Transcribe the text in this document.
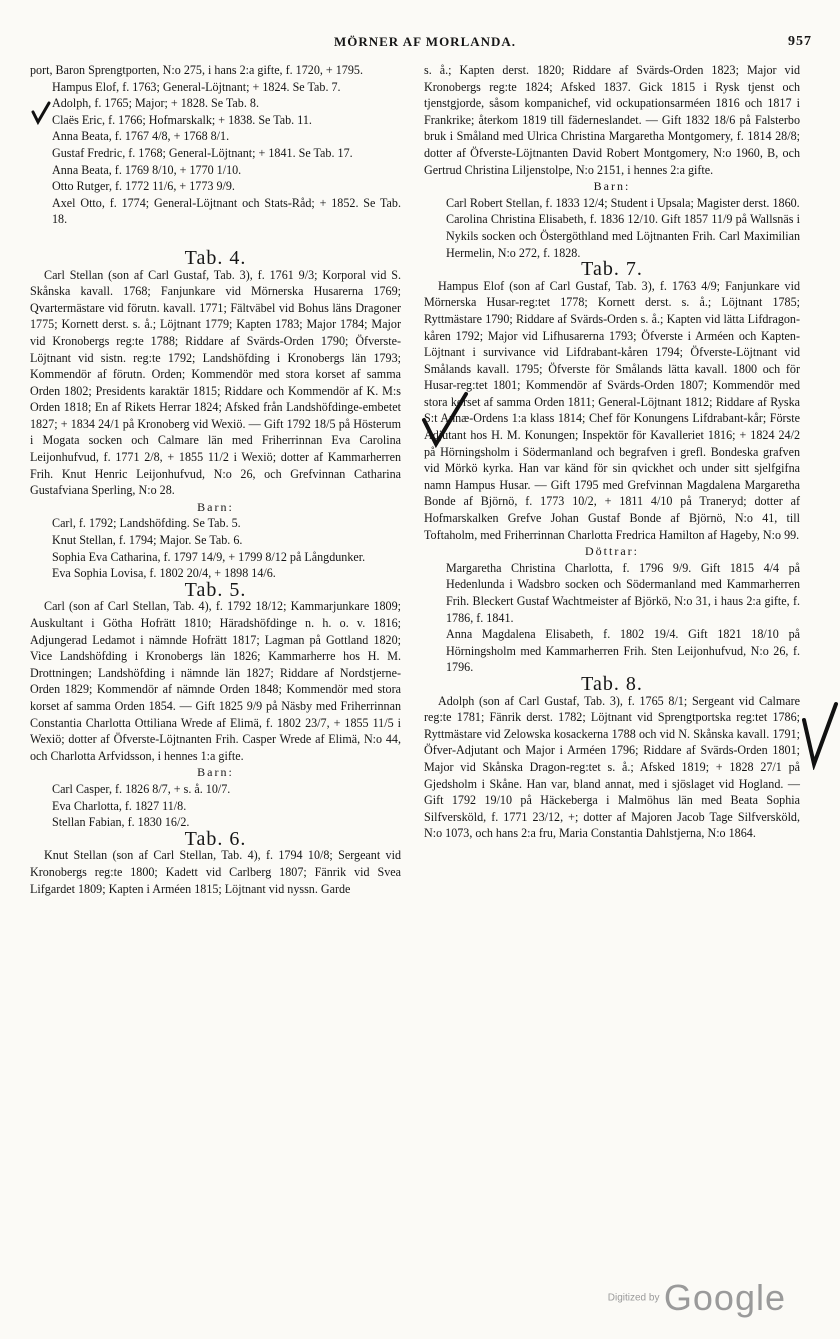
MÖRNER AF MORLANDA.	957

port, Baron Sprengtporten, N:o 275, i hans 2:a gifte, f. 1720, + 1795.

Hampus Elof, f. 1763; General-Löjtnant; + 1824. Se Tab. 7.

Adolph, f. 1765; Major; + 1828. Se Tab. 8.

Claës Eric, f. 1766; Hofmarskalk; + 1838. Se Tab. 11.

Anna Beata, f. 1767 4/8, + 1768 8/1.

Gustaf Fredric, f. 1768; General-Löjtnant; + 1841. Se Tab. 17.

Anna Beata, f. 1769 8/10, + 1770 1/10.

Otto Rutger, f. 1772 11/6, + 1773 9/9.

Axel Otto, f. 1774; General-Löjtnant och Stats-Råd; + 1852. Se Tab. 18.

Tab. 4.

Carl Stellan (son af Carl Gustaf, Tab. 3), f. 1761 9/3; Korporal vid S. Skånska kavall. 1768; Fanjunkare vid Mörnerska Husarerna 1769; Qvartermästare vid förutn. kavall. 1771; Fältväbel vid Bohus läns Dragoner 1775; Kornett derst. s. å.; Löjtnant 1779; Kapten 1783; Major 1784; Major vid Kronobergs reg:te 1788; Riddare af Svärds-Orden 1790; Öfverste-Löjtnant vid sistn. reg:te 1792; Landshöfding i Kronobergs län 1793; Kommendör af förutn. Orden; Kommendör med stora korset af samma Orden 1802; Presidents karaktär 1815; Riddare och Kommendör af K. M:s Orden 1818; En af Rikets Herrar 1824; Afsked från Landshöfdinge-embetet 1827; + 1834 24/1 på Kronoberg vid Wexiö. — Gift 1792 18/5 på Hösterum i Mogata socken och Calmare län med Friherrinnan Eva Carolina Leijonhufvud, f. 1771 2/8, + 1855 11/2 i Wexiö; dotter af Kammarherren Frih. Knut Henric Leijonhufvud, N:o 26, och Grefvinnan Catharina Gustafviana Sperling, N:o 28.

Barn:

Carl, f. 1792; Landshöfding. Se Tab. 5.

Knut Stellan, f. 1794; Major. Se Tab. 6.

Sophia Eva Catharina, f. 1797 14/9, + 1799 8/12 på Långdunker.

Eva Sophia Lovisa, f. 1802 20/4, + 1898 14/6.

Tab. 5.

Carl (son af Carl Stellan, Tab. 4), f. 1792 18/12; Kammarjunkare 1809; Auskultant i Götha Hofrätt 1810; Häradshöfdinge n. h. o. v. 1816; Adjungerad Ledamot i nämnde Hofrätt 1817; Lagman på Gottland 1820; Vice Landshöfding i Kronobergs län 1826; Kammarherre hos H. M. Drottningen; Landshöfding i nämnde län 1827; Riddare af Nordstjerne-Orden 1829; Kommendör af nämnde Orden 1848; Kommendör med stora korset af samma Orden 1854. — Gift 1825 9/9 på Näsby med Friherrinnan Constantia Charlotta Ottiliana Wrede af Elimä, f. 1802 23/7, + 1855 11/5 i Wexiö; dotter af Öfverste-Löjtnanten Frih. Casper Wrede af Elimä, N:o 44, och Charlotta Arfvidsson, i hennes 1:a gifte.

Barn:

Carl Casper, f. 1826 8/7, + s. å. 10/7.

Eva Charlotta, f. 1827 11/8.

Stellan Fabian, f. 1830 16/2.

Tab. 6.

Knut Stellan (son af Carl Stellan, Tab. 4), f. 1794 10/8; Sergeant vid Kronobergs reg:te 1800; Kadett vid Carlberg 1807; Fänrik vid Svea Lifgardet 1809; Kapten i Arméen 1815; Löjtnant vid nyssn. Garde

s. å.; Kapten derst. 1820; Riddare af Svärds-Orden 1823; Major vid Kronobergs reg:te 1824; Afsked 1837. Gick 1815 i Rysk tjenst och tjenstgjorde, såsom kompanichef, vid ockupationsarméen 1816 och 1817 i Frankrike; återkom 1819 till fäderneslandet. — Gift 1832 18/6 på Falsterbo bruk i Småland med Ulrica Christina Margaretha Montgomery, f. 1814 28/8; dotter af Öfverste-Löjtnanten David Robert Montgomery, N:o 1960, B, och Gertrud Christina Liljenstolpe, N:o 2151, i hennes 2:a gifte.

Barn:

Carl Robert Stellan, f. 1833 12/4; Student i Upsala; Magister derst. 1860.

Carolina Christina Elisabeth, f. 1836 12/10. Gift 1857 11/9 på Wallsnäs i Nykils socken och Östergöthland med Löjtnanten Frih. Carl Maximilian Hermelin, N:o 272, f. 1828.

Tab. 7.

Hampus Elof (son af Carl Gustaf, Tab. 3), f. 1763 4/9; Fanjunkare vid Mörnerska Husar-reg:tet 1778; Kornett derst. s. å.; Löjtnant 1785; Ryttmästare 1790; Riddare af Svärds-Orden s. å.; Kapten vid lätta Lifdragon-kåren 1792; Major vid Lifhusarerna 1793; Öfverste i Arméen och Kapten-Löjtnant i survivance vid Lifdrabant-kåren 1794; Öfverste-Löjtnant vid Smålands kavall. 1795; Öfverste för Smålands lätta kavall. 1800 och för Husar-reg:tet 1801; Kommendör af Svärds-Orden 1807; Kommendör med stora korset af samma Orden 1811; General-Löjtnant 1812; Riddare af Ryska S:t Annæ-Ordens 1:a klass 1814; Chef för Konungens Lifdrabant-kår; Förste Adjutant hos H. M. Konungen; Inspektör för Kavalleriet 1816; + 1824 24/2 på Hörningsholm i Södermanland och begrafven i grefl. Bondeska grafven vid Mörkö kyrka. Han var känd för sin qvickhet och under sitt sjelfgifna namn Hampus Husar. — Gift 1795 med Grefvinnan Magdalena Margaretha Bonde af Björnö, f. 1773 10/2, + 1811 4/10 på Traneryd; dotter af Hofmarskalken Grefve Johan Gustaf Bonde af Björnö, N:o 41, till Toftaholm, med Friherrinnan Charlotta Fredrica Hamilton af Hageby, N:o 99.

Döttrar:

Margaretha Christina Charlotta, f. 1796 9/9. Gift 1815 4/4 på Hedenlunda i Wadsbro socken och Södermanland med Kammarherren Frih. Bleckert Gustaf Wachtmeister af Björkö, N:o 31, i haus 2:a gifte, f. 1786, f. 1841.

Anna Magdalena Elisabeth, f. 1802 19/4. Gift 1821 18/10 på Hörningsholm med Kammarherren Frih. Sten Leijonhufvud, N:o 26, f. 1796.

Tab. 8.

Adolph (son af Carl Gustaf, Tab. 3), f. 1765 8/1; Sergeant vid Calmare reg:te 1781; Fänrik derst. 1782; Löjtnant vid Sprengtportska reg:tet 1786; Ryttmästare vid Zelowska kosackerna 1788 och vid N. Skånska kavall. 1791; Öfver-Adjutant och Major i Arméen 1796; Riddare af Svärds-Orden 1801; Major vid Skånska Dragon-reg:tet s. å.; Afsked 1819; + 1828 27/1 på Gjedsholm i Skåne. Han var, bland annat, med i sjöslaget vid Hogland. — Gift 1792 19/10 på Häckeberga i Malmöhus län med Beata Sophia Silfversköld, f. 1771 23/12, +; dotter af Majoren Jacob Tage Silfversköld, N:o 1073, och hans 2:a fru, Maria Constantia Dahlstjerna, N:o 1864.

Digitized by Google
